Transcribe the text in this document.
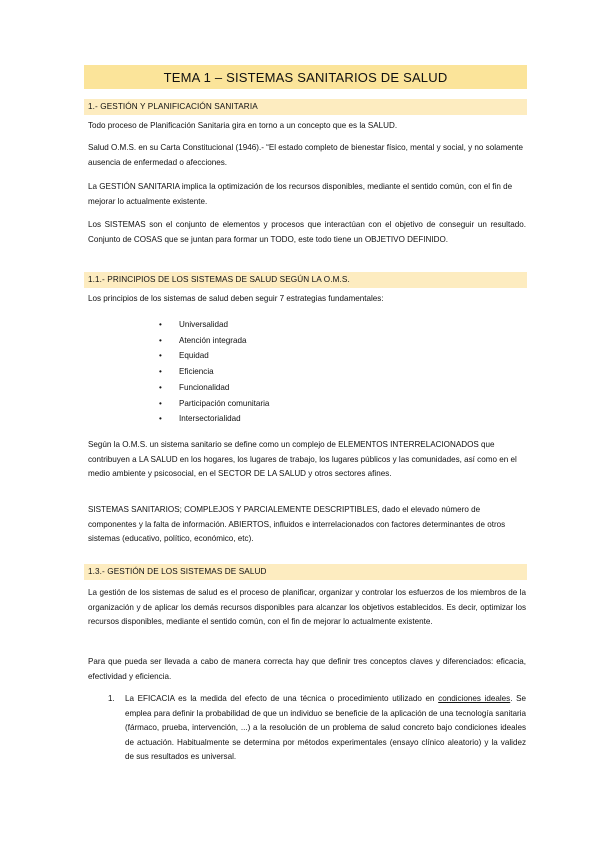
TEMA 1 – SISTEMAS SANITARIOS DE SALUD
1.- GESTIÓN Y PLANIFICACIÓN SANITARIA
Todo proceso de Planificación Sanitaria gira en torno a un concepto que es la SALUD.
Salud O.M.S. en su Carta Constitucional (1946).- “El estado completo de bienestar físico, mental y social, y no solamente ausencia de enfermedad o afecciones.
La GESTIÓN SANITARIA implica la optimización de los recursos disponibles, mediante el sentido común, con el fin de mejorar lo actualmente existente.
Los SISTEMAS son el conjunto de elementos y procesos que interactúan con el objetivo de conseguir un resultado. Conjunto de COSAS que se juntan para formar un TODO, este todo tiene un OBJETIVO DEFINIDO.
1.1.- PRINCIPIOS DE LOS SISTEMAS DE SALUD SEGÚN LA O.M.S.
Los principios de los sistemas de salud deben seguir 7 estrategias fundamentales:
• Universalidad
• Atención integrada
• Equidad
• Eficiencia
• Funcionalidad
• Participación comunitaria
• Intersectorialidad
Según la O.M.S. un sistema sanitario se define como un complejo de ELEMENTOS INTERRELACIONADOS que contribuyen a LA SALUD en los hogares, los lugares de trabajo, los lugares públicos y las comunidades, así como en el medio ambiente y psicosocial, en el SECTOR DE LA SALUD y otros sectores afines.
SISTEMAS SANITARIOS; COMPLEJOS Y PARCIALEMENTE DESCRIPTIBLES, dado el elevado número de componentes y la falta de información. ABIERTOS, influidos e interrelacionados con factores determinantes de otros sistemas (educativo, político, económico, etc).
1.3.- GESTIÓN DE LOS SISTEMAS DE SALUD
La gestión de los sistemas de salud es el proceso de planificar, organizar y controlar los esfuerzos de los miembros de la organización y de aplicar los demás recursos disponibles para alcanzar los objetivos establecidos. Es decir, optimizar los recursos disponibles, mediante el sentido común, con el fin de mejorar lo actualmente existente.
Para que pueda ser llevada a cabo de manera correcta hay que definir tres conceptos claves y diferenciados: eficacia, efectividad y eficiencia.
1. La EFICACIA es la medida del efecto de una técnica o procedimiento utilizado en condiciones ideales. Se emplea para definir la probabilidad de que un individuo se beneficie de la aplicación de una tecnología sanitaria (fármaco, prueba, intervención, ...) a la resolución de un problema de salud concreto bajo condiciones ideales de actuación. Habitualmente se determina por métodos experimentales (ensayo clínico aleatorio) y la validez de sus resultados es universal.
